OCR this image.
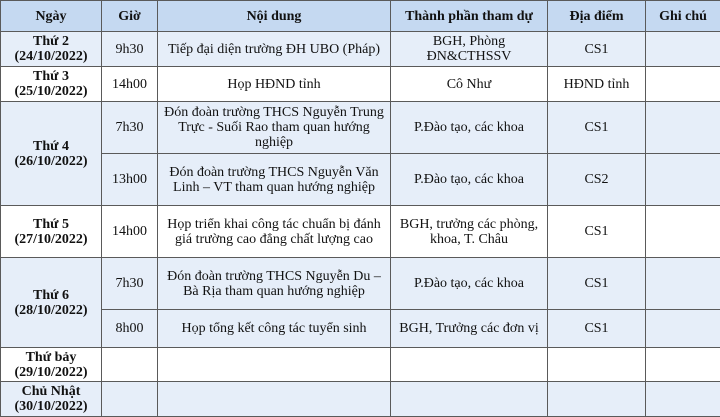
Ngày	Giờ	Nội dung	Thành phần tham dự	Địa điểm	Ghi chú

Thứ 2
(24/10/2022)	9h30	Tiếp đại diện trường ĐH UBO (Pháp)	BGH, Phòng ĐN&CTHSSV	CS1	

Thứ 3
(25/10/2022)	14h00	Họp HĐND tỉnh	Cô Như	HĐND tỉnh	

Thứ 4
(26/10/2022)	7h30	Đón đoàn trường THCS Nguyễn Trung Trực - Suối Rao tham quan hướng nghiệp	P.Đào tạo, các khoa	CS1	
	13h00	Đón đoàn trường THCS Nguyễn Văn Linh – VT tham quan hướng nghiệp	P.Đào tạo, các khoa	CS2	

Thứ 5
(27/10/2022)	14h00	Họp triển khai công tác chuẩn bị đánh giá trường cao đẳng chất lượng cao	BGH, trưởng các phòng, khoa, T. Châu	CS1	

Thứ 6
(28/10/2022)	7h30	Đón đoàn trường THCS Nguyễn Du – Bà Rịa tham quan hướng nghiệp	P.Đào tạo, các khoa	CS1	
	8h00	Họp tổng kết công tác tuyển sinh	BGH, Trưởng các đơn vị	CS1	

Thứ bảy
(29/10/2022)					

Chủ Nhật
(30/10/2022)					
